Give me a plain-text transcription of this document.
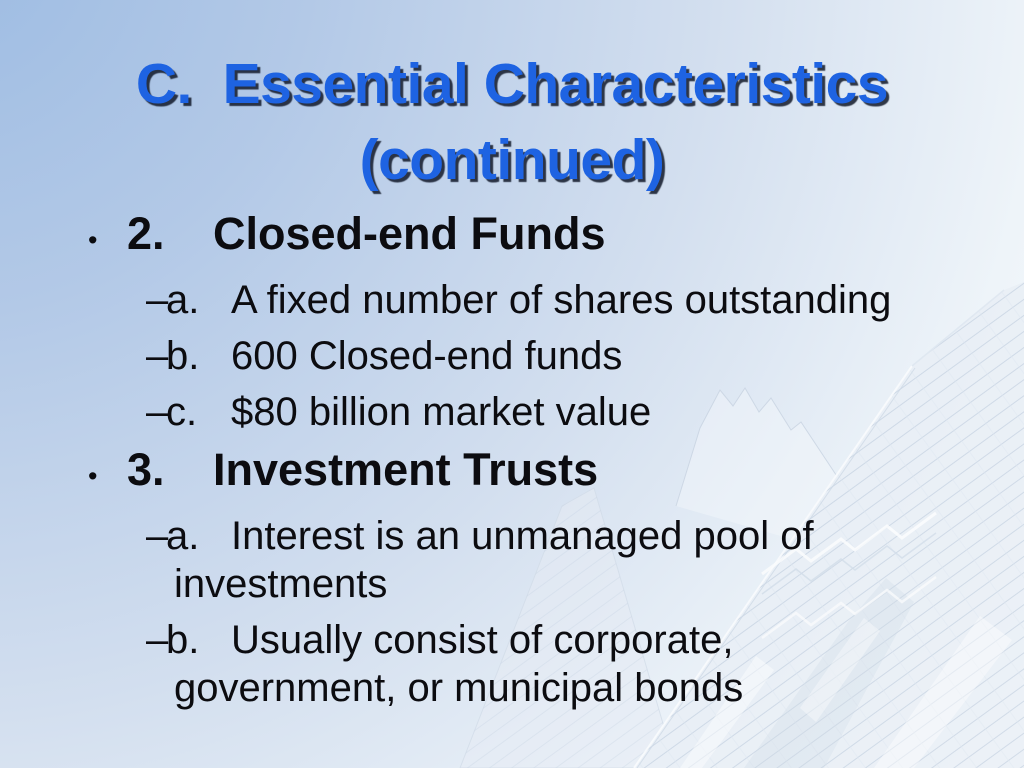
C.  Essential Characteristics
(continued)
• 2. Closed-end Funds
–a. A fixed number of shares outstanding
–b. 600 Closed-end funds
–c. $80 billion market value
• 3. Investment Trusts
–a. Interest is an unmanaged pool of investments
–b. Usually consist of corporate, government, or municipal bonds
